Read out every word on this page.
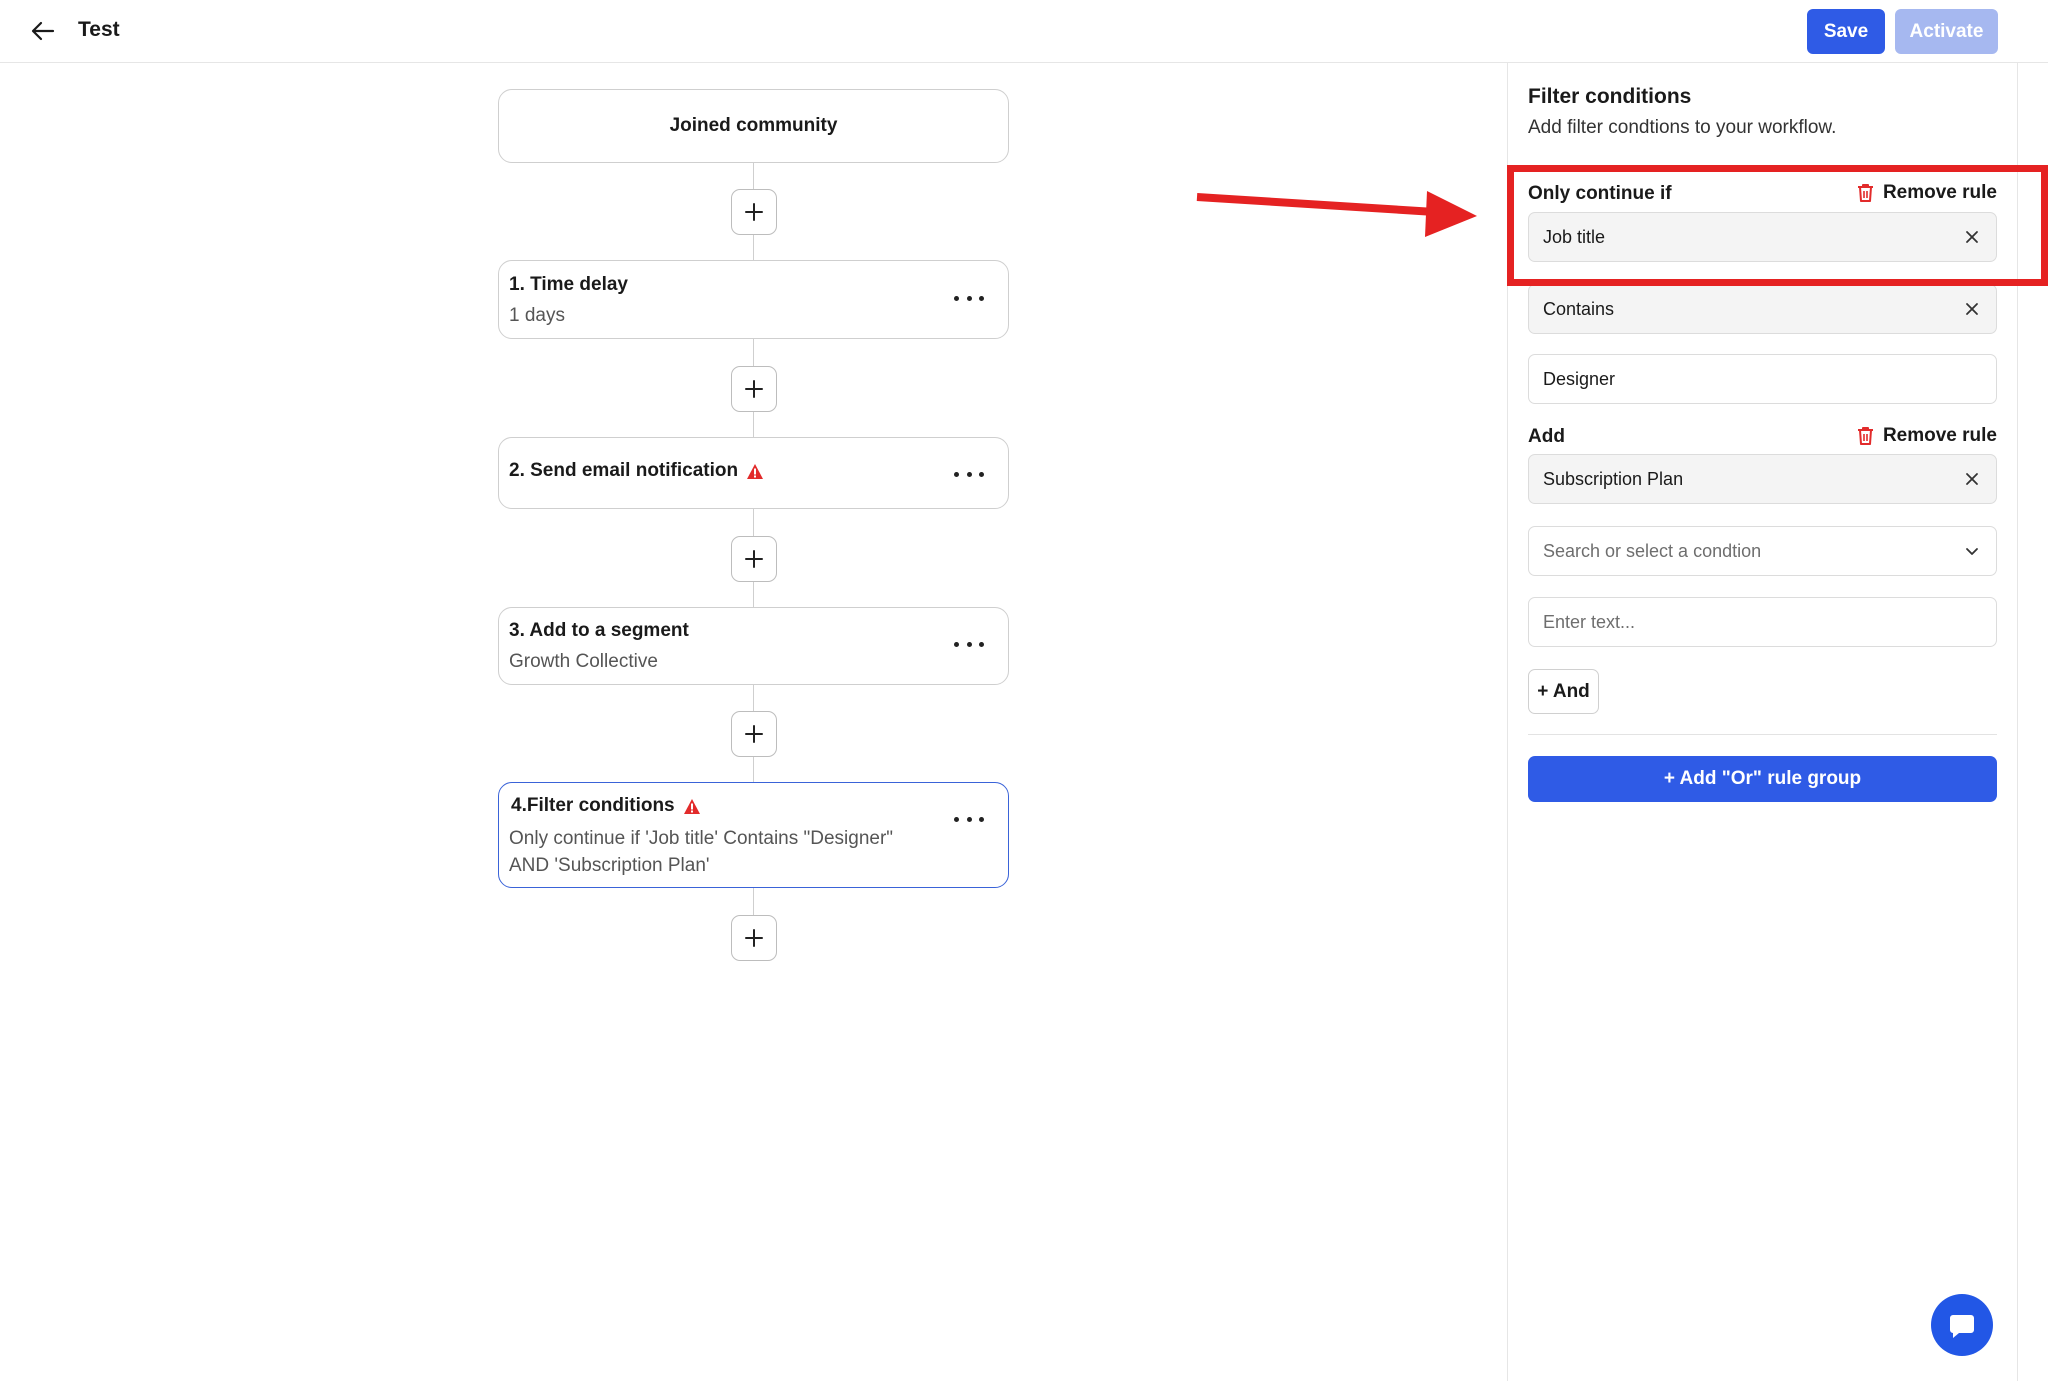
Test	Save	Activate
Joined community
1. Time delay
1 days
2. Send email notification
3. Add to a segment
Growth Collective
4.Filter conditions
Only continue if 'Job title' Contains "Designer"
AND 'Subscription Plan'
Filter conditions
Add filter condtions to your workflow.
Only continue if	Remove rule
Job title
Contains
Designer
Add	Remove rule
Subscription Plan
Search or select a condtion
Enter text...
+ And
+ Add "Or" rule group
